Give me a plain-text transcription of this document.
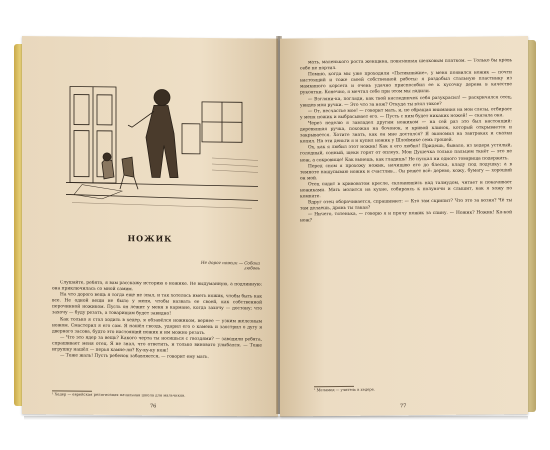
НОЖИК
Не дорог ножик — Собака любовь

Слушайте, ребята, я вам расскажу историю о ножике. Не выдуманную, а подлинную: она приключилась со мной самим.

На что дорого вещь я тогда еще не знал, и так хотелось иметь ножик, чтобы быть как все. Не одной вещи не было у меня, чтобы назвать ее своей, как собственной перочинной ножиком. Пусть он лежит у меня в кармане, когда захочу — достану; что захочу — буду резать, а товарищам будет завидно!

Как только я стал ходить в хедер, я обзавёлся ножиком, вернее — узким железным ножом. Смастерил я его сам. Я нашёл гвоздь, ударил его о камень и заострил о дугу я дверного засова, будто это настоящий ножик и им можно резать.

— Что это ядер за вещь? Какого черта ты носишься с гвоздями? — заводили ребята, спрашивает меня отец. Я не знал, что ответить, и только виновато улыбался. — Тоже игрушку нашёл — перья камне-ли? Ку-ку-ку нож!

— Тоже жаль! Пусть ребенок забавляется, — говорит ему мать.

¹ Хедер — еврейская религиозная начальная школа для мальчиков.
76

мать, маленького роста женщина, повязанная шелковым платком. — Только бы кровь себе не портил.

Помню, когда мы уже проходили «Пятикнижие», у меня появился ножик — почти настоящий и тоже своей собственной работы: я раздобыл стальную пластинку из мамкиного корсета и очень удачно приспособил ее к кусочку дерева в качестве рукоятки. Конечно, я мечтал себе при этом мы ладили.

— Взгляни-ка, погляди, как твой наследничек себя разукрасил! — раскричался отец, увидев мои ручки. — Это что за нож? Откуда ты взял такое?

— От, несчастье мое! — говорит мать, и, не обращая внимания на мои слезы, отбирает у меня ножик и выбрасывает его. — Пусть с ним будет никаких ножей! — сказала она.

Через неделю я завладел другим ножиком — на сей раз это был настоящий: деревянная ручка, похожая на бочонок, и кривой клинок, который открывается и закрывается. Хотите знать, как он мне достался? Я экономил на завтраках и сказки копил. На эти деньги я и купил ножик у Шлоймике семь грошей.

Ох, как я любил этот ножик! Как я его любил! Придешь, бывало, из хедера усталый, голодный, сонный, щеки горят от оплеух. Мои Душечка только пальцем ткнёт — это не нож, а сокровище! Как вынешь, как гладишь! Не пускал ни одного товарища подержать.

Перед сном я прохожу ножик, начищаю его до блеска, кладу под подушку; а в темноте нащупываю ножик и счастлив... Он режет всё: дерево, кожу, бумагу — хороший он мой.

Отец сидит в кривоватом кресле, склонившись над талмудом, читает и покачивает ножиками. Мать молится на кухне, собираясь к полуночи и слышит, как я хожу по комнате.

Вдруг отец оборачивается, спрашивает: — Кто там скрипит? Что это за возня? Чё ты там делаешь, дрянь ты такая?

— Ничего, тятенька, — говорю я и прячу ножик за спину. — Ножик? Ножик! Ка-кой нож?

¹ Меламед — учитель в хедере.
77
